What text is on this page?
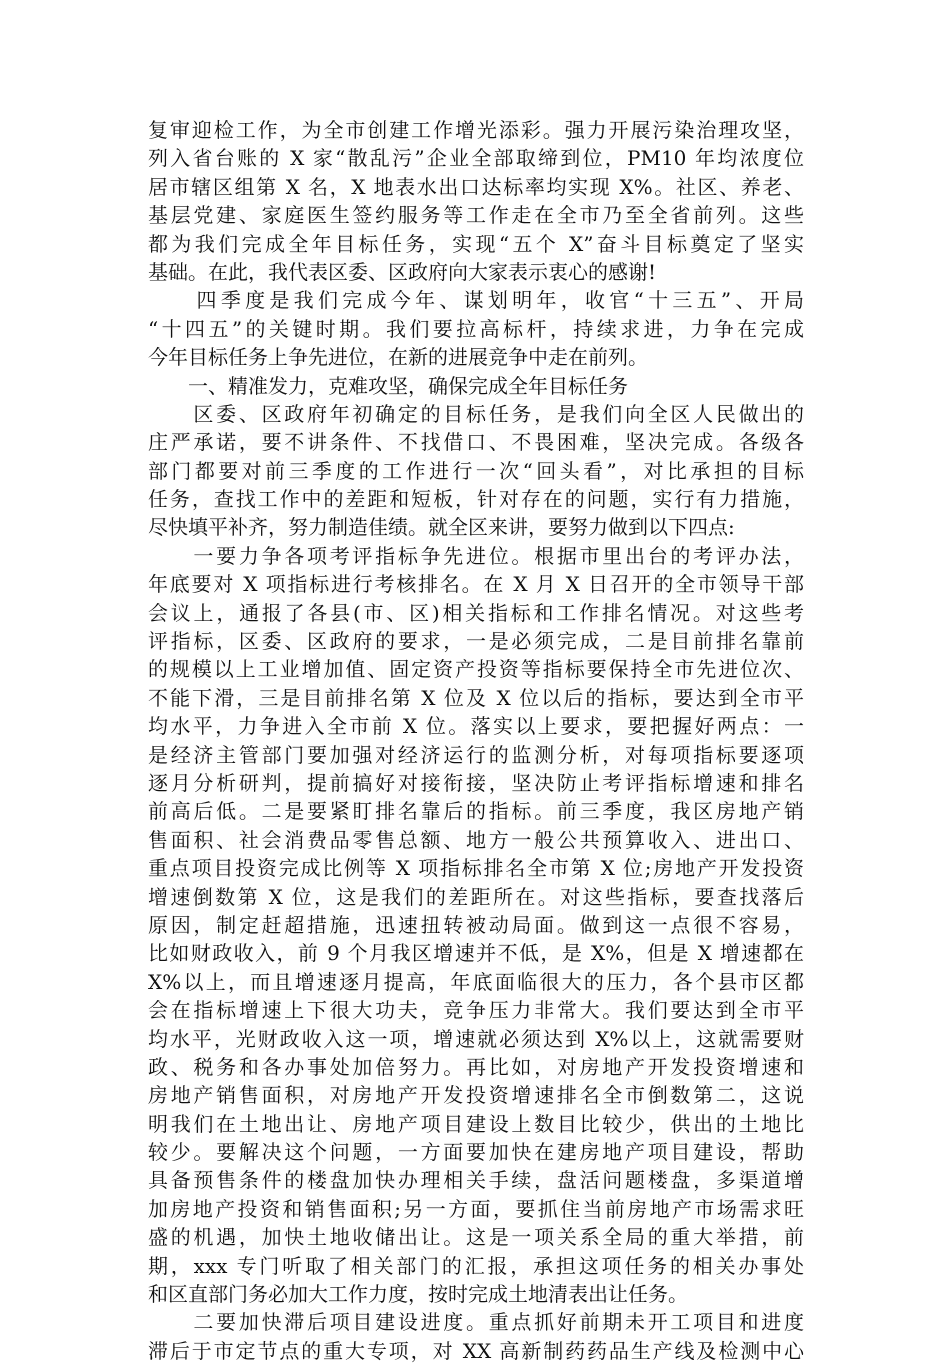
复审迎检工作，为全市创建工作增光添彩。强力开展污染治理攻坚，
列入省台账的 X 家“散乱污”企业全部取缔到位，PM10 年均浓度位
居市辖区组第 X 名，X 地表水出口达标率均实现 X%。社区、养老、
基层党建、家庭医生签约服务等工作走在全市乃至全省前列。这些
都为我们完成全年目标任务，实现“五个 X”奋斗目标奠定了坚实
基础。在此，我代表区委、区政府向大家表示衷心的感谢!
　　四季度是我们完成今年、谋划明年，收官“十三五”、开局
“十四五”的关键时期。我们要拉高标杆，持续求进，力争在完成
今年目标任务上争先进位，在新的进展竞争中走在前列。
　　一、精准发力，克难攻坚，确保完成全年目标任务
　　区委、区政府年初确定的目标任务，是我们向全区人民做出的
庄严承诺，要不讲条件、不找借口、不畏困难，坚决完成。各级各
部门都要对前三季度的工作进行一次“回头看”，对比承担的目标
任务，查找工作中的差距和短板，针对存在的问题，实行有力措施，
尽快填平补齐，努力制造佳绩。就全区来讲，要努力做到以下四点:
　　一要力争各项考评指标争先进位。根据市里出台的考评办法，
年底要对 X 项指标进行考核排名。在 X 月 X 日召开的全市领导干部
会议上，通报了各县(市、区)相关指标和工作排名情况。对这些考
评指标，区委、区政府的要求，一是必须完成，二是目前排名靠前
的规模以上工业增加值、固定资产投资等指标要保持全市先进位次、
不能下滑，三是目前排名第 X 位及 X 位以后的指标，要达到全市平
均水平，力争进入全市前 X 位。落实以上要求，要把握好两点：一
是经济主管部门要加强对经济运行的监测分析，对每项指标要逐项
逐月分析研判，提前搞好对接衔接，坚决防止考评指标增速和排名
前高后低。二是要紧盯排名靠后的指标。前三季度，我区房地产销
售面积、社会消费品零售总额、地方一般公共预算收入、进出口、
重点项目投资完成比例等 X 项指标排名全市第 X 位;房地产开发投资
增速倒数第 X 位，这是我们的差距所在。对这些指标，要查找落后
原因，制定赶超措施，迅速扭转被动局面。做到这一点很不容易，
比如财政收入，前 9 个月我区增速并不低，是 X%，但是 X 增速都在
X%以上，而且增速逐月提高，年底面临很大的压力，各个县市区都
会在指标增速上下很大功夫，竞争压力非常大。我们要达到全市平
均水平，光财政收入这一项，增速就必须达到 X%以上，这就需要财
政、税务和各办事处加倍努力。再比如，对房地产开发投资增速和
房地产销售面积，对房地产开发投资增速排名全市倒数第二，这说
明我们在土地出让、房地产项目建设上数目比较少，供出的土地比
较少。要解决这个问题，一方面要加快在建房地产项目建设，帮助
具备预售条件的楼盘加快办理相关手续，盘活问题楼盘，多渠道增
加房地产投资和销售面积;另一方面，要抓住当前房地产市场需求旺
盛的机遇，加快土地收储出让。这是一项关系全局的重大举措，前
期，xxx 专门听取了相关部门的汇报，承担这项任务的相关办事处
和区直部门务必加大工作力度，按时完成土地清表出让任务。
　　二要加快滞后项目建设进度。重点抓好前期未开工项目和进度
滞后于市定节点的重大专项，对 XX 高新制药药品生产线及检测中心
